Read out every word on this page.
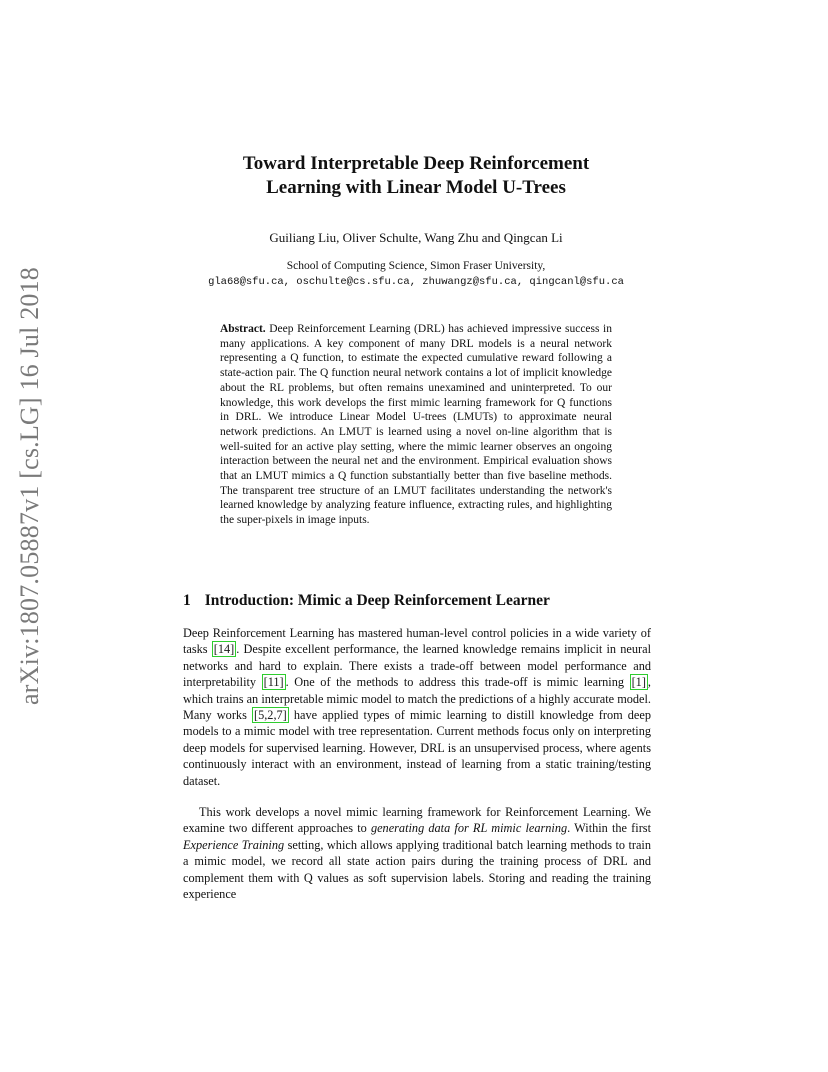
arXiv:1807.05887v1 [cs.LG] 16 Jul 2018
Toward Interpretable Deep Reinforcement
Learning with Linear Model U-Trees

Guiliang Liu, Oliver Schulte, Wang Zhu and Qingcan Li

School of Computing Science, Simon Fraser University,
gla68@sfu.ca, oschulte@cs.sfu.ca, zhuwangz@sfu.ca, qingcanl@sfu.ca

Abstract. Deep Reinforcement Learning (DRL) has achieved impressive success in many applications. A key component of many DRL models is a neural network representing a Q function, to estimate the expected cumulative reward following a state-action pair. The Q function neural network contains a lot of implicit knowledge about the RL problems, but often remains unexamined and uninterpreted. To our knowledge, this work develops the first mimic learning framework for Q functions in DRL. We introduce Linear Model U-trees (LMUTs) to approximate neural network predictions. An LMUT is learned using a novel on-line algorithm that is well-suited for an active play setting, where the mimic learner observes an ongoing interaction between the neural net and the environment. Empirical evaluation shows that an LMUT mimics a Q function substantially better than five baseline methods. The transparent tree structure of an LMUT facilitates understanding the network's learned knowledge by analyzing feature influence, extracting rules, and highlighting the super-pixels in image inputs.

1 Introduction: Mimic a Deep Reinforcement Learner

Deep Reinforcement Learning has mastered human-level control policies in a wide variety of tasks [14] . Despite excellent performance, the learned knowledge remains implicit in neural networks and hard to explain. There exists a trade-off between model performance and interpretability [11] . One of the methods to address this trade-off is mimic learning [1] , which trains an interpretable mimic model to match the predictions of a highly accurate model. Many works [5,2,7] have applied types of mimic learning to distill knowledge from deep models to a mimic model with tree representation. Current methods focus only on interpreting deep models for supervised learning. However, DRL is an unsupervised process, where agents continuously interact with an environment, instead of learning from a static training/testing dataset.

This work develops a novel mimic learning framework for Reinforcement Learning. We examine two different approaches to generating data for RL mimic learning. Within the first Experience Training setting, which allows applying traditional batch learning methods to train a mimic model, we record all state action pairs during the training process of DRL and complement them with Q values as soft supervision labels. Storing and reading the training experience
